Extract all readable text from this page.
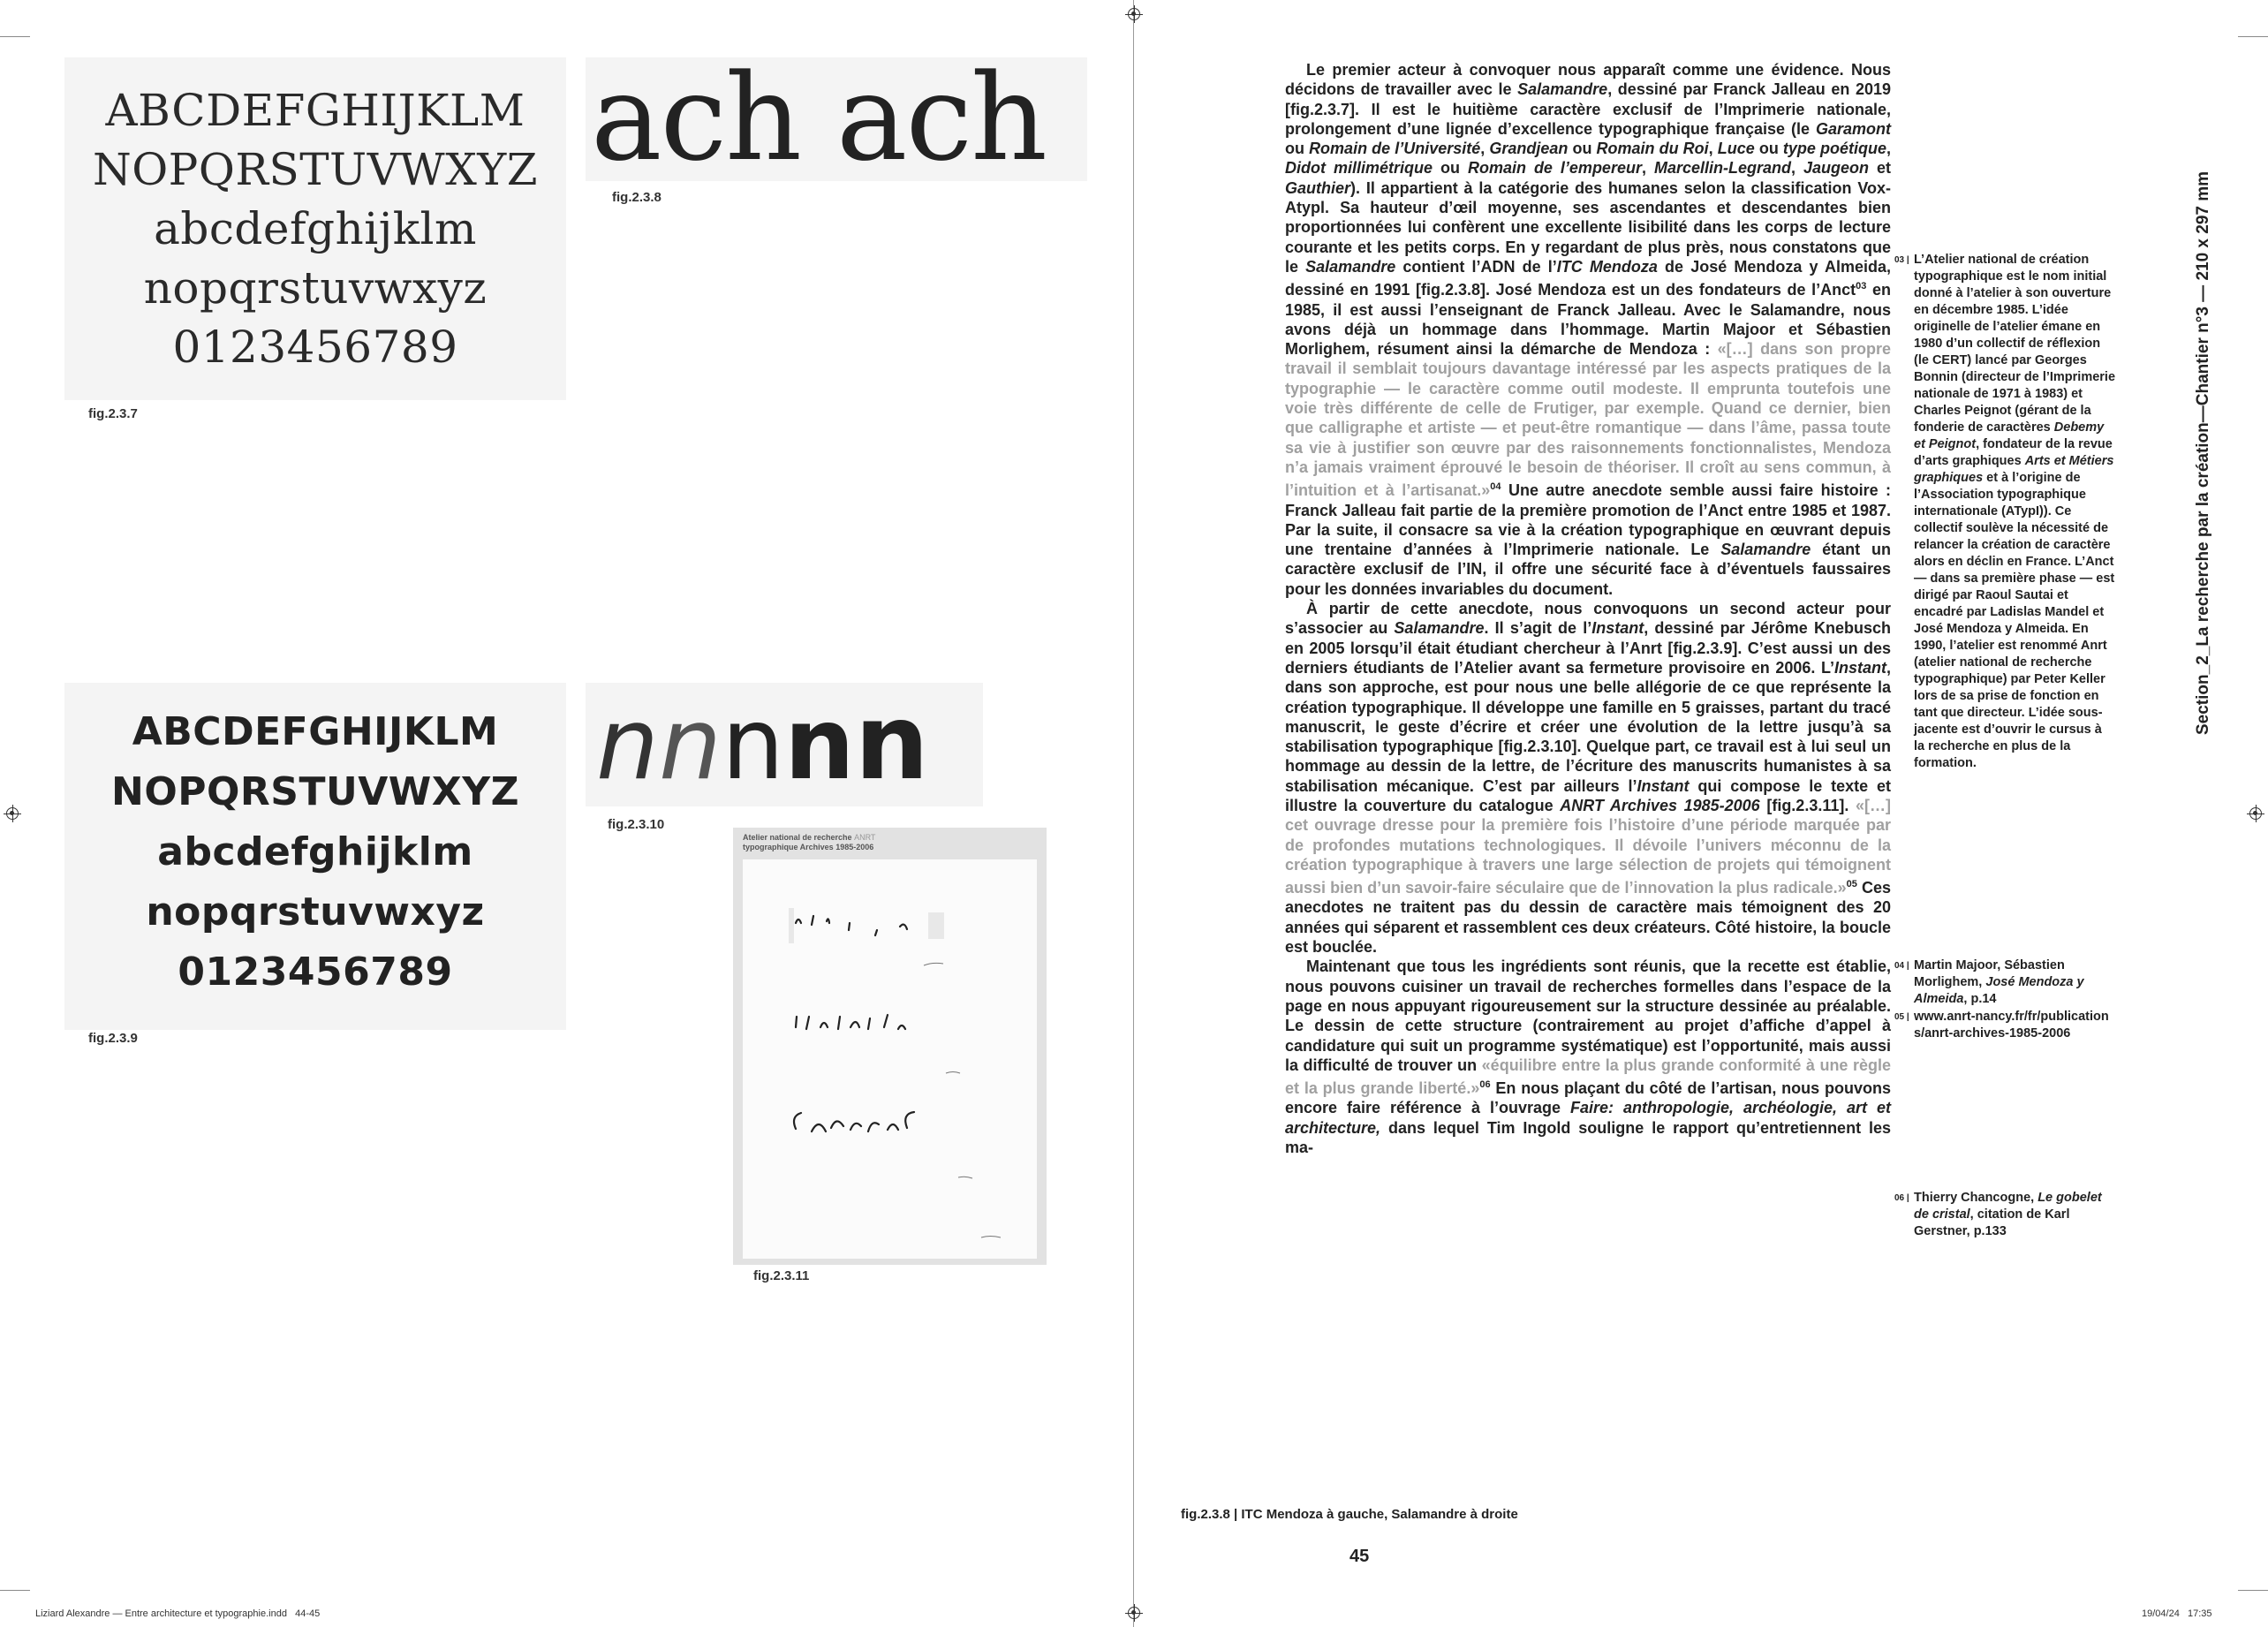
ABCDEFGHIJKLM
NOPQRSTUVWXYZ
abcdefghijklm
nopqrstuvwxyz
0123456789
fig.2.3.7
ach ach
fig.2.3.8
ABCDEFGHIJKLM
NOPQRSTUVWXYZ
abcdefghijklm
nopqrstuvwxyz
0123456789
fig.2.3.9
nnnnn
fig.2.3.10
Atelier national de recherche ANRT
typographique Archives 1985-2006
fig.2.3.11

Le premier acteur à convoquer nous apparaît comme une évidence. Nous décidons de travailler avec le Salamandre, dessiné par Franck Jalleau en 2019 [fig.2.3.7]. Il est le huitième caractère exclusif de l’Imprimerie nationale, prolongement d’une lignée d’excellence typographique française (le Garamont ou Romain de l’Université, Grandjean ou Romain du Roi, Luce ou type poétique, Didot millimétrique ou Romain de l’empereur, Marcellin-Legrand, Jaugeon et Gauthier). Il appartient à la catégorie des humanes selon la classification Vox-Atypl. Sa hauteur d’œil moyenne, ses ascendantes et descendantes bien proportionnées lui confèrent une excellente lisibilité dans les corps de lecture courante et les petits corps. En y regardant de plus près, nous constatons que le Salamandre contient l’ADN de l’ITC Mendoza de José Mendoza y Almeida, dessiné en 1991 [fig.2.3.8]. José Mendoza est un des fondateurs de l’Anct$^{03}$ en 1985, il est aussi l’enseignant de Franck Jalleau. Avec le Salamandre, nous avons déjà un hommage dans l’hommage. Martin Majoor et Sébastien Morlighem, résument ainsi la démarche de Mendoza : «[…] dans son propre travail il semblait toujours davantage intéressé par les aspects pratiques de la typographie — le caractère comme outil modeste. Il emprunta toutefois une voie très différente de celle de Frutiger, par exemple. Quand ce dernier, bien que calligraphe et artiste — et peut-être romantique — dans l’âme, passa toute sa vie à justifier son œuvre par des raisonnements fonctionnalistes, Mendoza n’a jamais vraiment éprouvé le besoin de théoriser. Il croît au sens commun, à l’intuition et à l’artisanat.»$^{04}$ Une autre anecdote semble aussi faire histoire : Franck Jalleau fait partie de la première promotion de l’Anct entre 1985 et 1987. Par la suite, il consacre sa vie à la création typographique en œuvrant depuis une trentaine d’années à l’Imprimerie nationale. Le Salamandre étant un caractère exclusif de l’IN, il offre une sécurité face à d’éventuels faussaires pour les données invariables du document.

À partir de cette anecdote, nous convoquons un second acteur pour s’associer au Salamandre. Il s’agit de l’Instant, dessiné par Jérôme Knebusch en 2005 lorsqu’il était étudiant chercheur à l’Anrt [fig.2.3.9]. C’est aussi un des derniers étudiants de l’Atelier avant sa fermeture provisoire en 2006. L’Instant, dans son approche, est pour nous une belle allégorie de ce que représente la création typographique. Il développe une famille en 5 graisses, partant du tracé manuscrit, le geste d’écrire et créer une évolution de la lettre jusqu’à sa stabilisation typographique [fig.2.3.10]. Quelque part, ce travail est à lui seul un hommage au dessin de la lettre, de l’écriture des manuscrits humanistes à sa stabilisation mécanique. C’est par ailleurs l’Instant qui compose le texte et illustre la couverture du catalogue ANRT Archives 1985-2006 [fig.2.3.11]. «[…] cet ouvrage dresse pour la première fois l’histoire d’une période marquée par de profondes mutations technologiques. Il dévoile l’univers méconnu de la création typographique à travers une large sélection de projets qui témoignent aussi bien d’un savoir-faire séculaire que de l’innovation la plus radicale.»$^{05}$ Ces anecdotes ne traitent pas du dessin de caractère mais témoignent des 20 années qui séparent et rassemblent ces deux créateurs. Côté histoire, la boucle est bouclée.

Maintenant que tous les ingrédients sont réunis, que la recette est établie, nous pouvons cuisiner un travail de recherches formelles dans l’espace de la page en nous appuyant rigoureusement sur la structure dessinée au préalable. Le dessin de cette structure (contrairement au projet d’affiche d’appel à candidature qui suit un programme systématique) est l’opportunité, mais aussi la difficulté de trouver un «équilibre entre la plus grande conformité à une règle et la plus grande liberté.»$^{06}$ En nous plaçant du côté de l’artisan, nous pouvons encore faire référence à l’ouvrage Faire: anthropologie, archéologie, art et architecture, dans lequel Tim Ingold souligne le rapport qu’entretiennent les ma-

03 | L’Atelier national de création typographique est le nom initial donné à l’atelier à son ouverture en décembre 1985. L’idée originelle de l’atelier émane en 1980 d’un collectif de réflexion (le CERT) lancé par Georges Bonnin (directeur de l’Imprimerie nationale de 1971 à 1983) et Charles Peignot (gérant de la fonderie de caractères Debemy et Peignot, fondateur de la revue d’arts graphiques Arts et Métiers graphiques et à l’origine de l’Association typographique internationale (ATypI)). Ce collectif soulève la nécessité de relancer la création de caractère alors en déclin en France. L’Anct — dans sa première phase — est dirigé par Raoul Sautai et encadré par Ladislas Mandel et José Mendoza y Almeida. En 1990, l’atelier est renommé Anrt (atelier national de recherche typographique) par Peter Keller lors de sa prise de fonction en tant que directeur. L’idée sous-jacente est d’ouvrir le cursus à la recherche en plus de la formation.
04 | Martin Majoor, Sébastien Morlighem, José Mendoza y Almeida, p.14
05 | www.anrt-nancy.fr/fr/publications/anrt-archives-1985-2006
06 | Thierry Chancogne, Le gobelet de cristal, citation de Karl Gerstner, p.133
Section_2_La recherche par la création—Chantier n°3 — 210 x 297 mm
fig.2.3.8 | ITC Mendoza à gauche, Salamandre à droite
45
Liziard Alexandre — Entre architecture et typographie.indd   44-45	19/04/24   17:35
